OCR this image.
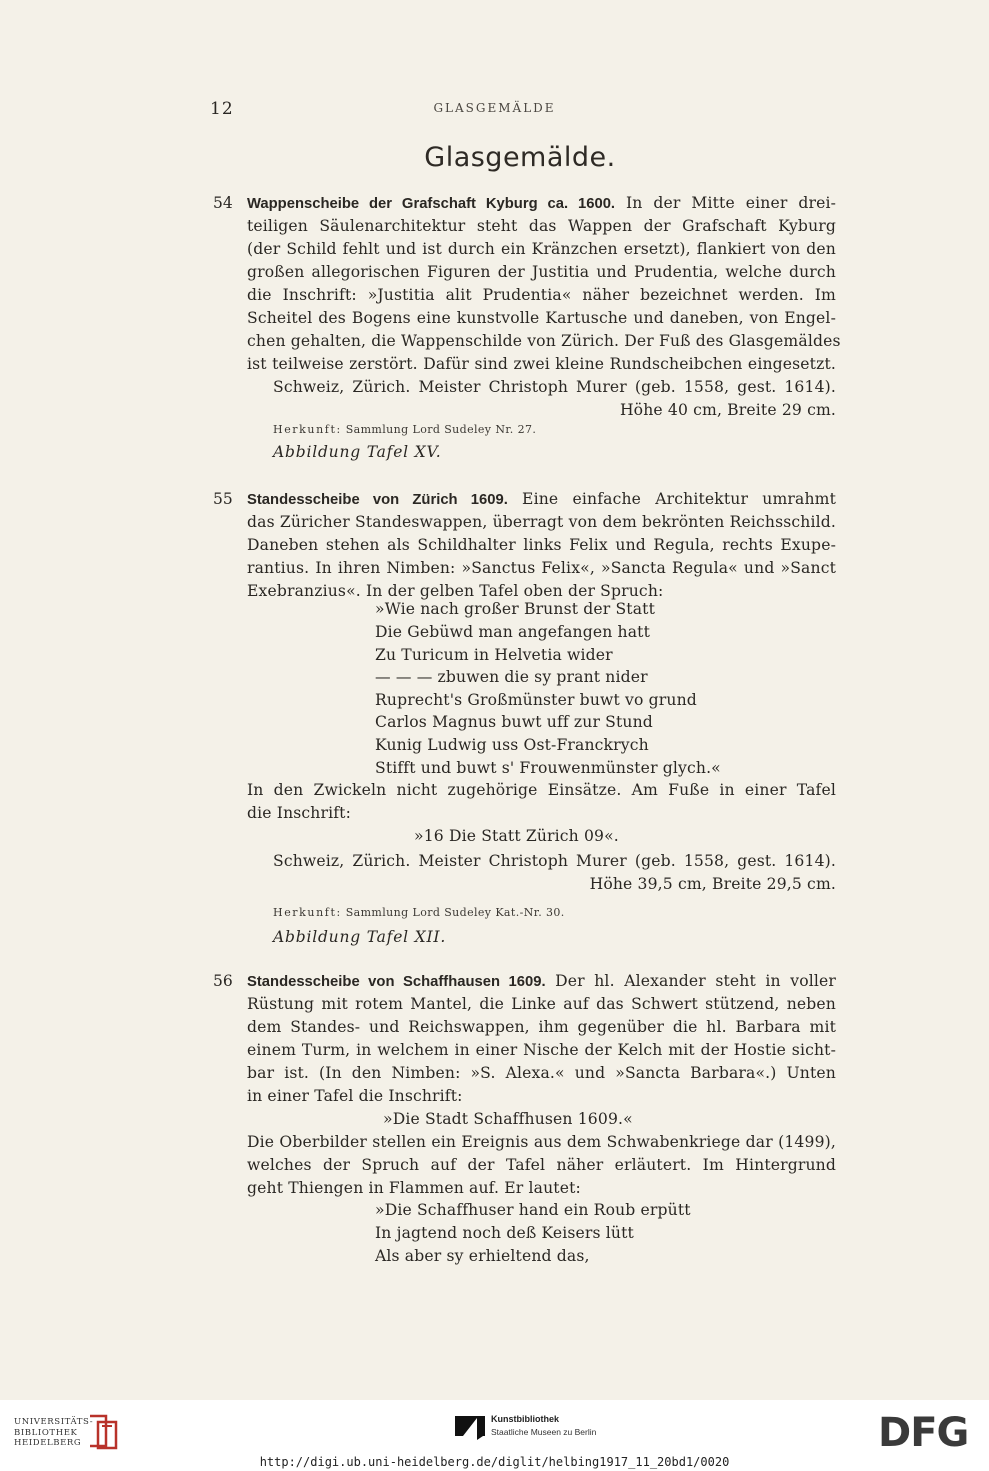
12	GLASGEMÄLDE
Glasgemälde.
54 Wappenscheibe der Grafschaft Kyburg ca. 1600. In der Mitte einer drei-
teiligen Säulenarchitektur steht das Wappen der Grafschaft Kyburg
(der Schild fehlt und ist durch ein Kränzchen ersetzt), flankiert von den
großen allegorischen Figuren der Justitia und Prudentia, welche durch
die Inschrift: »Justitia alit Prudentia« näher bezeichnet werden. Im
Scheitel des Bogens eine kunstvolle Kartusche und daneben, von Engel-
chen gehalten, die Wappenschilde von Zürich. Der Fuß des Glasgemäldes
ist teilweise zerstört. Dafür sind zwei kleine Rundscheibchen eingesetzt.
Schweiz, Zürich. Meister Christoph Murer (geb. 1558, gest. 1614).
Höhe 40 cm, Breite 29 cm.
Herkunft: Sammlung Lord Sudeley Nr. 27.
Abbildung Tafel XV.
55 Standesscheibe von Zürich 1609. Eine einfache Architektur umrahmt
das Züricher Standeswappen, überragt von dem bekrönten Reichsschild.
Daneben stehen als Schildhalter links Felix und Regula, rechts Exupe-
rantius. In ihren Nimben: »Sanctus Felix«, »Sancta Regula« und »Sanct
Exebranzius«. In der gelben Tafel oben der Spruch:
»Wie nach großer Brunst der Statt
Die Gebüwd man angefangen hatt
Zu Turicum in Helvetia wider
— — — zbuwen die sy prant nider
Ruprecht's Großmünster buwt vo grund
Carlos Magnus buwt uff zur Stund
Kunig Ludwig uss Ost-Franckrych
Stifft und buwt s' Frouwenmünster glych.«
In den Zwickeln nicht zugehörige Einsätze. Am Fuße in einer Tafel
die Inschrift:
»16 Die Statt Zürich 09«.
Schweiz, Zürich. Meister Christoph Murer (geb. 1558, gest. 1614).
Höhe 39,5 cm, Breite 29,5 cm.
Herkunft: Sammlung Lord Sudeley Kat.-Nr. 30.
Abbildung Tafel XII.
56 Standesscheibe von Schaffhausen 1609. Der hl. Alexander steht in voller
Rüstung mit rotem Mantel, die Linke auf das Schwert stützend, neben
dem Standes- und Reichswappen, ihm gegenüber die hl. Barbara mit
einem Turm, in welchem in einer Nische der Kelch mit der Hostie sicht-
bar ist. (In den Nimben: »S. Alexa.« und »Sancta Barbara«.) Unten
in einer Tafel die Inschrift:
»Die Stadt Schaffhusen 1609.«
Die Oberbilder stellen ein Ereignis aus dem Schwabenkriege dar (1499),
welches der Spruch auf der Tafel näher erläutert. Im Hintergrund
geht Thiengen in Flammen auf. Er lautet:
»Die Schaffhuser hand ein Roub erpütt
In jagtend noch deß Keisers lütt
Als aber sy erhieltend das,
UNIVERSITÄTS-
BIBLIOTHEK
HEIDELBERG
Kunstbibliothek
Staatliche Museen zu Berlin	DFG
http://digi.ub.uni-heidelberg.de/diglit/helbing1917_11_20bd1/0020
